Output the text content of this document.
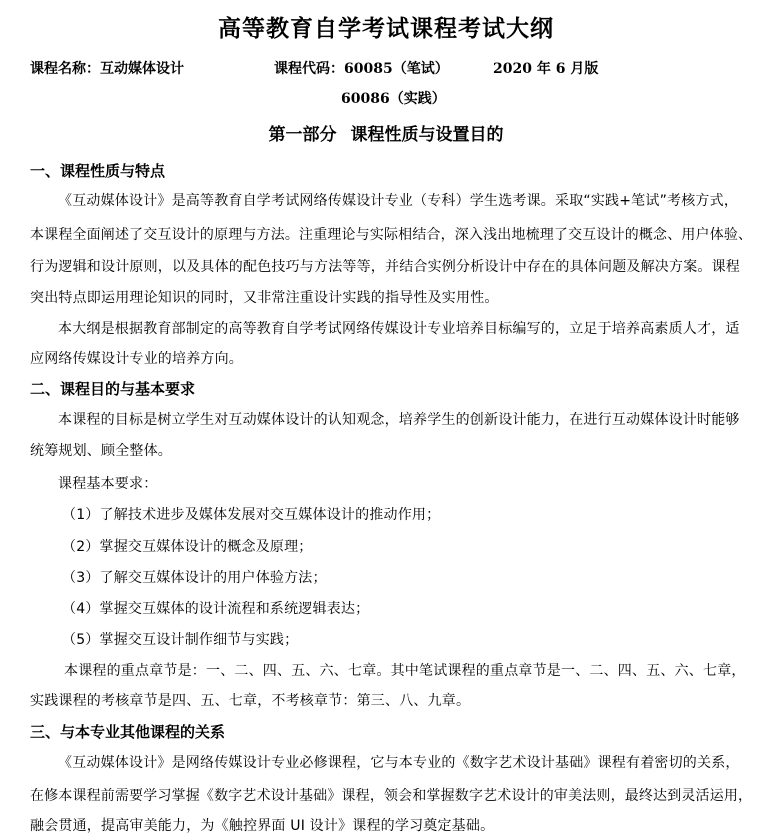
高等教育自学考试课程考试大纲
课程名称：互动媒体设计	课程代码：60085（笔试）	2020 年 6 月版
60086（实践）
第一部分 课程性质与设置目的
一、课程性质与特点
《互动媒体设计》是高等教育自学考试网络传媒设计专业（专科）学生选考课。采取“实践+笔试”考核方式，
本课程全面阐述了交互设计的原理与方法。注重理论与实际相结合，深入浅出地梳理了交互设计的概念、用户体验、
行为逻辑和设计原则，以及具体的配色技巧与方法等等，并结合实例分析设计中存在的具体问题及解决方案。课程
突出特点即运用理论知识的同时，又非常注重设计实践的指导性及实用性。
本大纲是根据教育部制定的高等教育自学考试网络传媒设计专业培养目标编写的，立足于培养高素质人才，适
应网络传媒设计专业的培养方向。
二、课程目的与基本要求
本课程的目标是树立学生对互动媒体设计的认知观念，培养学生的创新设计能力，在进行互动媒体设计时能够
统筹规划、顾全整体。
课程基本要求：
（1）了解技术进步及媒体发展对交互媒体设计的推动作用；
（2）掌握交互媒体设计的概念及原理；
（3）了解交互媒体设计的用户体验方法；
（4）掌握交互媒体的设计流程和系统逻辑表达；
（5）掌握交互设计制作细节与实践；
本课程的重点章节是：一、二、四、五、六、七章。其中笔试课程的重点章节是一、二、四、五、六、七章，
实践课程的考核章节是四、五、七章，不考核章节：第三、八、九章。
三、与本专业其他课程的关系
《互动媒体设计》是网络传媒设计专业必修课程，它与本专业的《数字艺术设计基础》课程有着密切的关系，
在修本课程前需要学习掌握《数字艺术设计基础》课程，领会和掌握数字艺术设计的审美法则，最终达到灵活运用，
融会贯通，提高审美能力，为《触控界面 UI 设计》课程的学习奠定基础。
